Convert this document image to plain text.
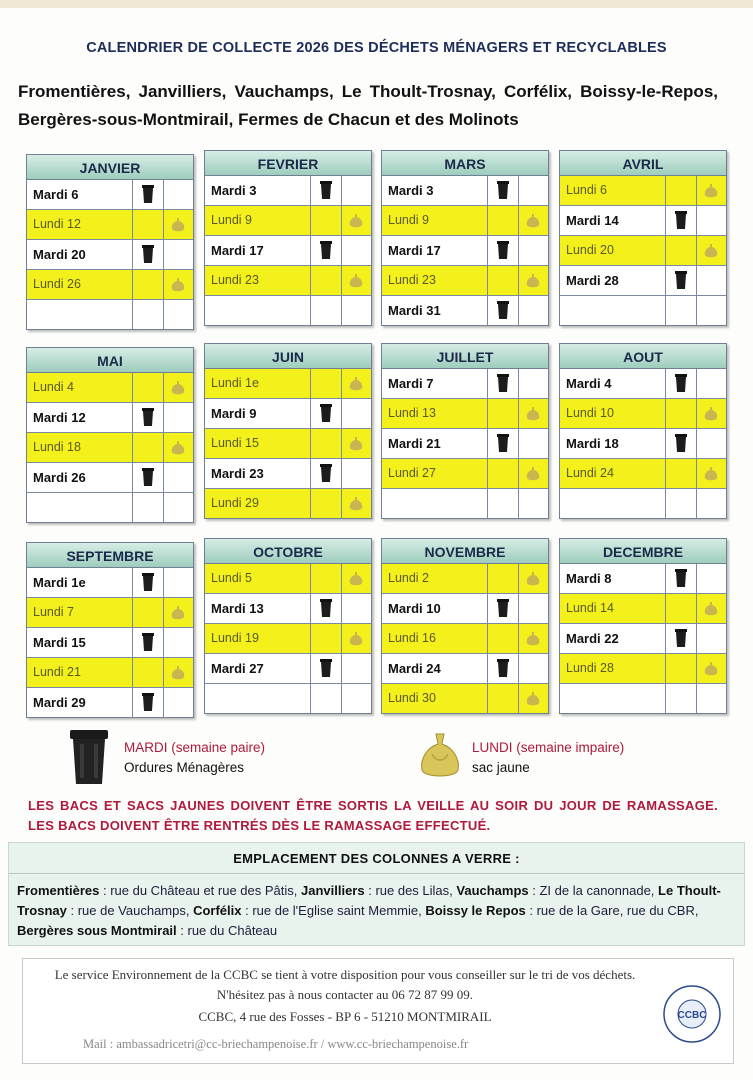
CALENDRIER DE COLLECTE 2026 DES DÉCHETS MÉNAGERS ET RECYCLABLES
Fromentières, Janvilliers, Vauchamps, Le Thoult-Trosnay, Corfélix, Boissy-le-Repos, Bergères-sous-Montmirail, Fermes de Chacun et des Molinots
JANVIER
Mardi 6
Lundi 12
Mardi 20
Lundi 26
FEVRIER
Mardi 3
Lundi 9
Mardi 17
Lundi 23
MARS
Mardi 3
Lundi 9
Mardi 17
Lundi 23
Mardi 31
AVRIL
Lundi 6
Mardi 14
Lundi 20
Mardi 28
MAI
Lundi 4
Mardi 12
Lundi 18
Mardi 26
JUIN
Lundi 1e
Mardi 9
Lundi 15
Mardi 23
Lundi 29
JUILLET
Mardi 7
Lundi 13
Mardi 21
Lundi 27
AOUT
Mardi 4
Lundi 10
Mardi 18
Lundi 24
SEPTEMBRE
Mardi 1e
Lundi 7
Mardi 15
Lundi 21
Mardi 29
OCTOBRE
Lundi 5
Mardi 13
Lundi 19
Mardi 27
NOVEMBRE
Lundi 2
Mardi 10
Lundi 16
Mardi 24
Lundi 30
DECEMBRE
Mardi 8
Lundi 14
Mardi 22
Lundi 28
MARDI (semaine paire)
Ordures Ménagères
LUNDI (semaine impaire)
sac jaune
LES BACS ET SACS JAUNES DOIVENT ÊTRE SORTIS LA VEILLE AU SOIR DU JOUR DE RAMASSAGE. LES BACS DOIVENT ÊTRE RENTRÉS DÈS LE RAMASSAGE EFFECTUÉ.
EMPLACEMENT DES COLONNES A VERRE :
Fromentières : rue du Château et rue des Pâtis, Janvilliers : rue des Lilas, Vauchamps : ZI de la canonnade, Le Thoult-Trosnay : rue de Vauchamps, Corfélix : rue de l'Eglise saint Memmie, Boissy le Repos : rue de la Gare, rue du CBR, Bergères sous Montmirail : rue du Château
Le service Environnement de la CCBC se tient à votre disposition pour vous conseiller sur le tri de vos déchets. N'hésitez pas à nous contacter au 06 72 87 99 09.
CCBC, 4 rue des Fosses - BP 6 - 51210 MONTMIRAIL
Mail : ambassadricetri@cc-briechampenoise.fr / www.cc-briechampenoise.fr
CCBC
